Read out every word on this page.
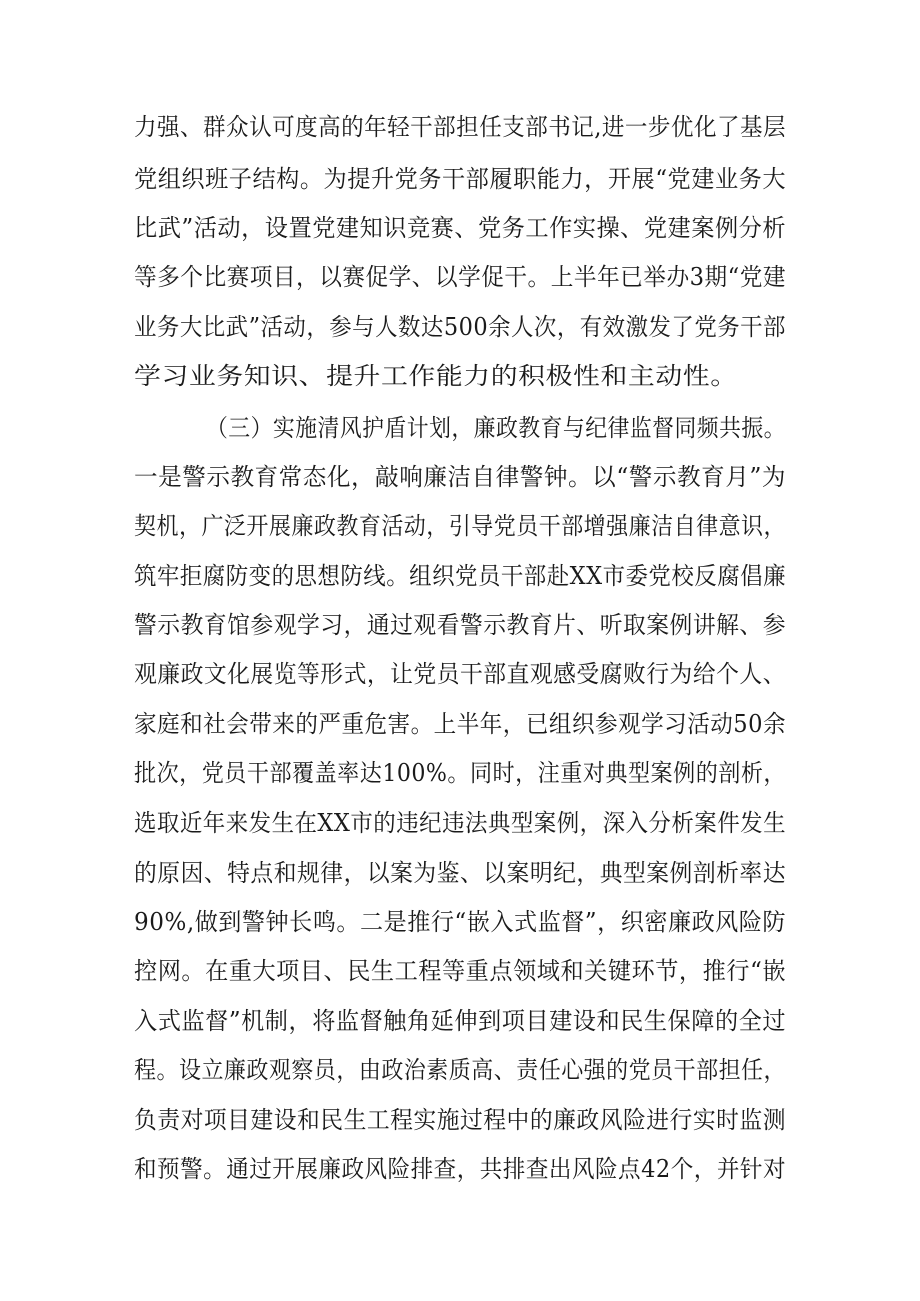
力强、群众认可度高的年轻干部担任支部书记,进一步优化了基层
党组织班子结构。为提升党务干部履职能力，开展“党建业务大
比武”活动，设置党建知识竞赛、党务工作实操、党建案例分析
等多个比赛项目，以赛促学、以学促干。上半年已举办3期“党建
业务大比武”活动，参与人数达500余人次，有效激发了党务干部
学习业务知识、提升工作能力的积极性和主动性。
（三）实施清风护盾计划，廉政教育与纪律监督同频共振。
一是警示教育常态化，敲响廉洁自律警钟。以“警示教育月”为
契机，广泛开展廉政教育活动，引导党员干部增强廉洁自律意识，
筑牢拒腐防变的思想防线。组织党员干部赴XX市委党校反腐倡廉
警示教育馆参观学习，通过观看警示教育片、听取案例讲解、参
观廉政文化展览等形式，让党员干部直观感受腐败行为给个人、
家庭和社会带来的严重危害。上半年，已组织参观学习活动50余
批次，党员干部覆盖率达100%。同时，注重对典型案例的剖析，
选取近年来发生在XX市的违纪违法典型案例，深入分析案件发生
的原因、特点和规律，以案为鉴、以案明纪，典型案例剖析率达
90%,做到警钟长鸣。二是推行“嵌入式监督”，织密廉政风险防
控网。在重大项目、民生工程等重点领域和关键环节，推行“嵌
入式监督”机制，将监督触角延伸到项目建设和民生保障的全过
程。设立廉政观察员，由政治素质高、责任心强的党员干部担任，
负责对项目建设和民生工程实施过程中的廉政风险进行实时监测
和预警。通过开展廉政风险排查，共排查出风险点42个，并针对
